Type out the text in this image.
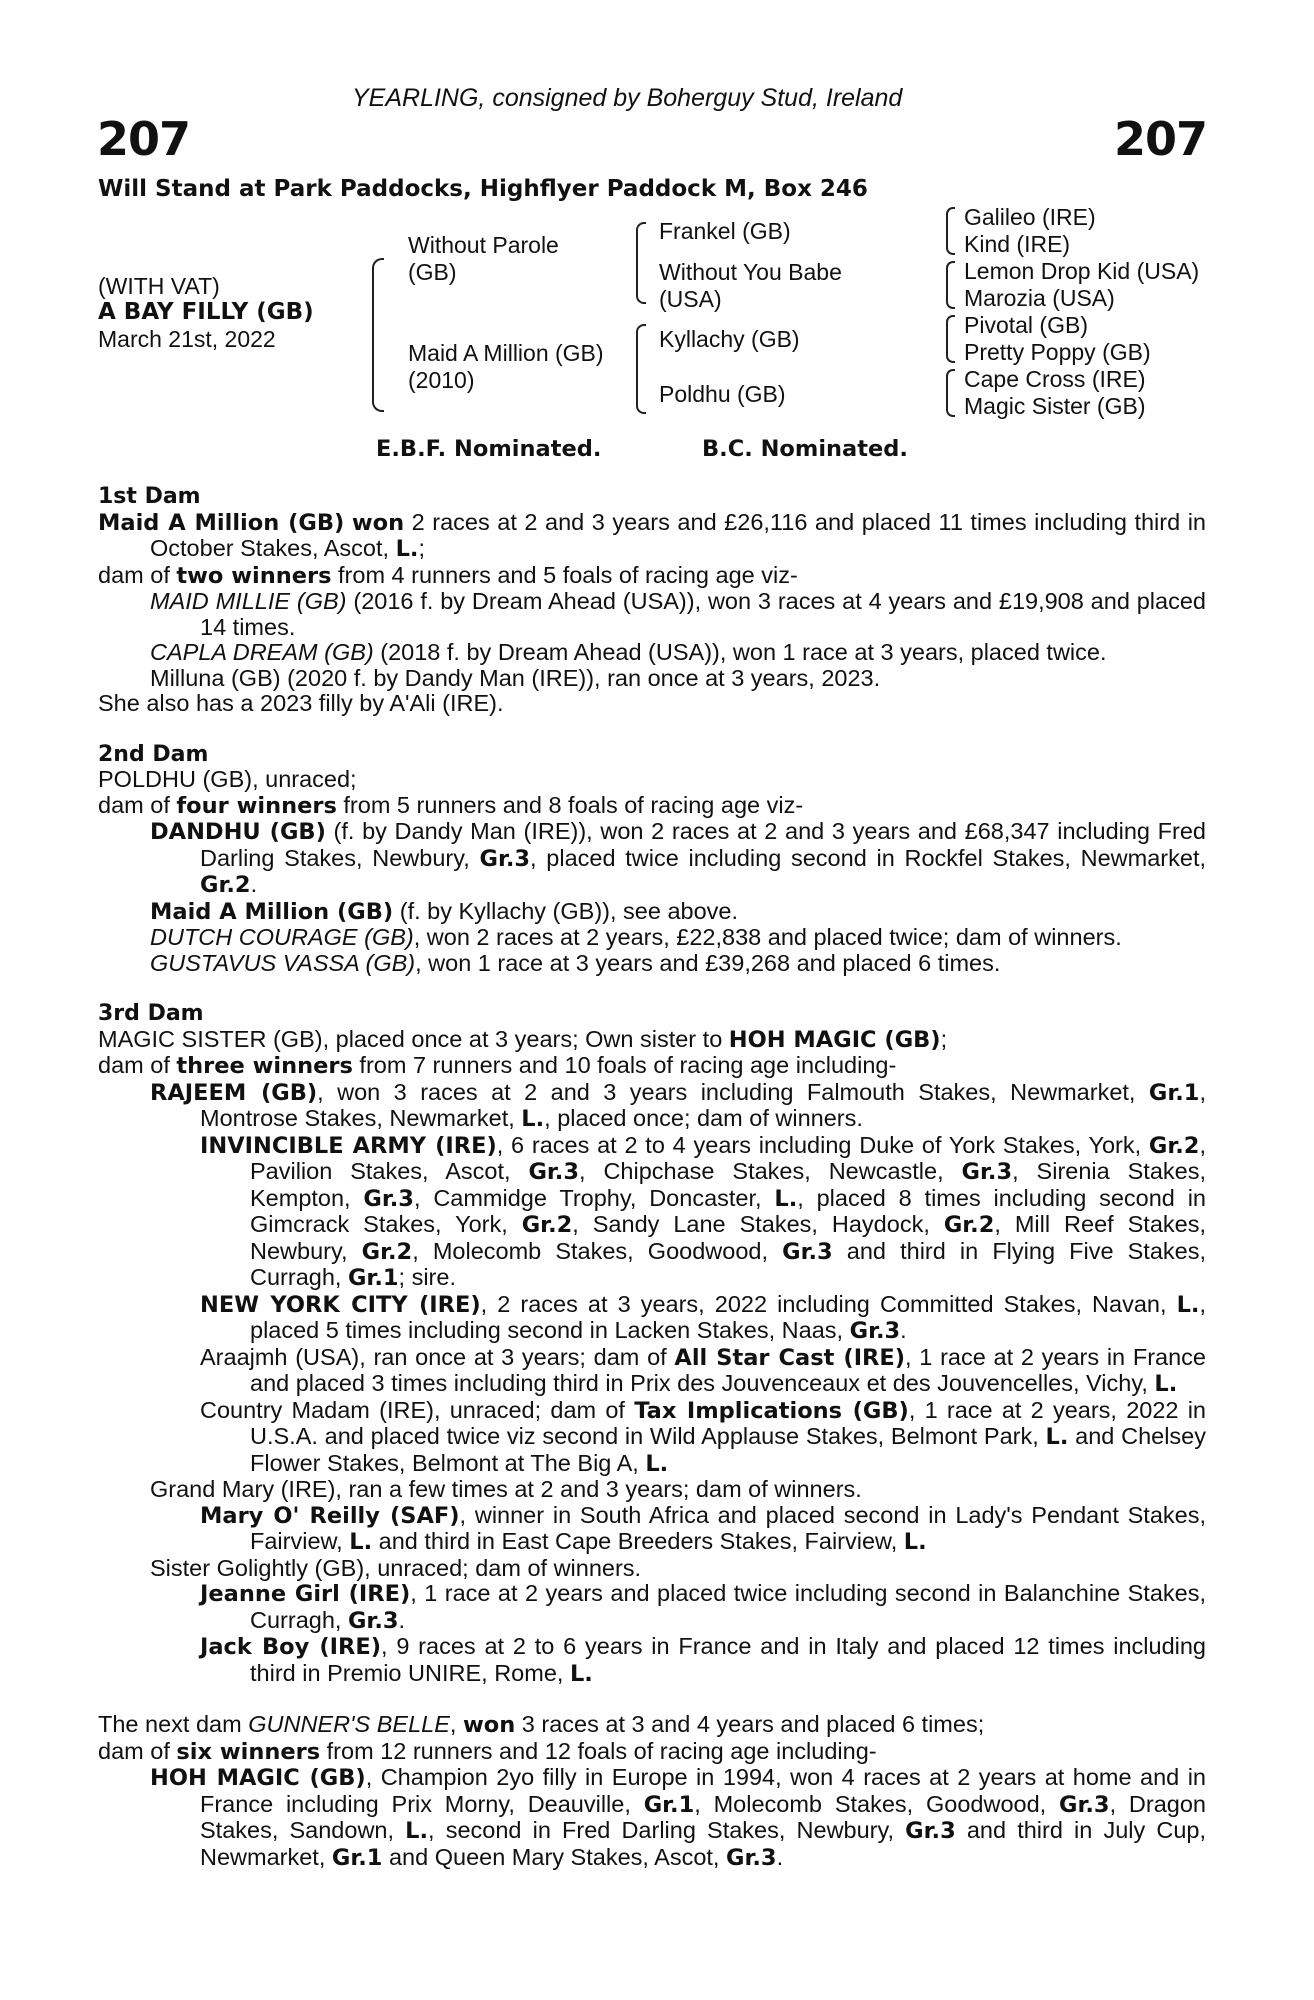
YEARLING, consigned by Boherguy Stud, Ireland
207	207
Will Stand at Park Paddocks, Highflyer Paddock M, Box 246
(WITH VAT)
A BAY FILLY (GB)
March 21st, 2022
Without Parole
(GB)
Maid A Million (GB)
(2010)
Frankel (GB)
Without You Babe
(USA)
Kyllachy (GB)
Poldhu (GB)
Galileo (IRE)
Kind (IRE)
Lemon Drop Kid (USA)
Marozia (USA)
Pivotal (GB)
Pretty Poppy (GB)
Cape Cross (IRE)
Magic Sister (GB)
E.B.F. Nominated.	B.C. Nominated.
1st Dam
Maid A Million (GB) won 2 races at 2 and 3 years and £26,116 and placed 11 times including third in October Stakes, Ascot, L.;
dam of two winners from 4 runners and 5 foals of racing age viz-
MAID MILLIE (GB) (2016 f. by Dream Ahead (USA)), won 3 races at 4 years and £19,908 and placed 14 times.
CAPLA DREAM (GB) (2018 f. by Dream Ahead (USA)), won 1 race at 3 years, placed twice.
Milluna (GB) (2020 f. by Dandy Man (IRE)), ran once at 3 years, 2023.
She also has a 2023 filly by A'Ali (IRE).
2nd Dam
POLDHU (GB), unraced;
dam of four winners from 5 runners and 8 foals of racing age viz-
DANDHU (GB) (f. by Dandy Man (IRE)), won 2 races at 2 and 3 years and £68,347 including Fred Darling Stakes, Newbury, Gr.3, placed twice including second in Rockfel Stakes, Newmarket, Gr.2.
Maid A Million (GB) (f. by Kyllachy (GB)), see above.
DUTCH COURAGE (GB), won 2 races at 2 years, £22,838 and placed twice; dam of winners.
GUSTAVUS VASSA (GB), won 1 race at 3 years and £39,268 and placed 6 times.
3rd Dam
MAGIC SISTER (GB), placed once at 3 years; Own sister to HOH MAGIC (GB);
dam of three winners from 7 runners and 10 foals of racing age including-
RAJEEM (GB), won 3 races at 2 and 3 years including Falmouth Stakes, Newmarket, Gr.1, Montrose Stakes, Newmarket, L., placed once; dam of winners.
INVINCIBLE ARMY (IRE), 6 races at 2 to 4 years including Duke of York Stakes, York, Gr.2, Pavilion Stakes, Ascot, Gr.3, Chipchase Stakes, Newcastle, Gr.3, Sirenia Stakes, Kempton, Gr.3, Cammidge Trophy, Doncaster, L., placed 8 times including second in Gimcrack Stakes, York, Gr.2, Sandy Lane Stakes, Haydock, Gr.2, Mill Reef Stakes, Newbury, Gr.2, Molecomb Stakes, Goodwood, Gr.3 and third in Flying Five Stakes, Curragh, Gr.1; sire.
NEW YORK CITY (IRE), 2 races at 3 years, 2022 including Committed Stakes, Navan, L., placed 5 times including second in Lacken Stakes, Naas, Gr.3.
Araajmh (USA), ran once at 3 years; dam of All Star Cast (IRE), 1 race at 2 years in France and placed 3 times including third in Prix des Jouvenceaux et des Jouvencelles, Vichy, L.
Country Madam (IRE), unraced; dam of Tax Implications (GB), 1 race at 2 years, 2022 in U.S.A. and placed twice viz second in Wild Applause Stakes, Belmont Park, L. and Chelsey Flower Stakes, Belmont at The Big A, L.
Grand Mary (IRE), ran a few times at 2 and 3 years; dam of winners.
Mary O' Reilly (SAF), winner in South Africa and placed second in Lady's Pendant Stakes, Fairview, L. and third in East Cape Breeders Stakes, Fairview, L.
Sister Golightly (GB), unraced; dam of winners.
Jeanne Girl (IRE), 1 race at 2 years and placed twice including second in Balanchine Stakes, Curragh, Gr.3.
Jack Boy (IRE), 9 races at 2 to 6 years in France and in Italy and placed 12 times including third in Premio UNIRE, Rome, L.
The next dam GUNNER'S BELLE, won 3 races at 3 and 4 years and placed 6 times;
dam of six winners from 12 runners and 12 foals of racing age including-
HOH MAGIC (GB), Champion 2yo filly in Europe in 1994, won 4 races at 2 years at home and in France including Prix Morny, Deauville, Gr.1, Molecomb Stakes, Goodwood, Gr.3, Dragon Stakes, Sandown, L., second in Fred Darling Stakes, Newbury, Gr.3 and third in July Cup, Newmarket, Gr.1 and Queen Mary Stakes, Ascot, Gr.3.
